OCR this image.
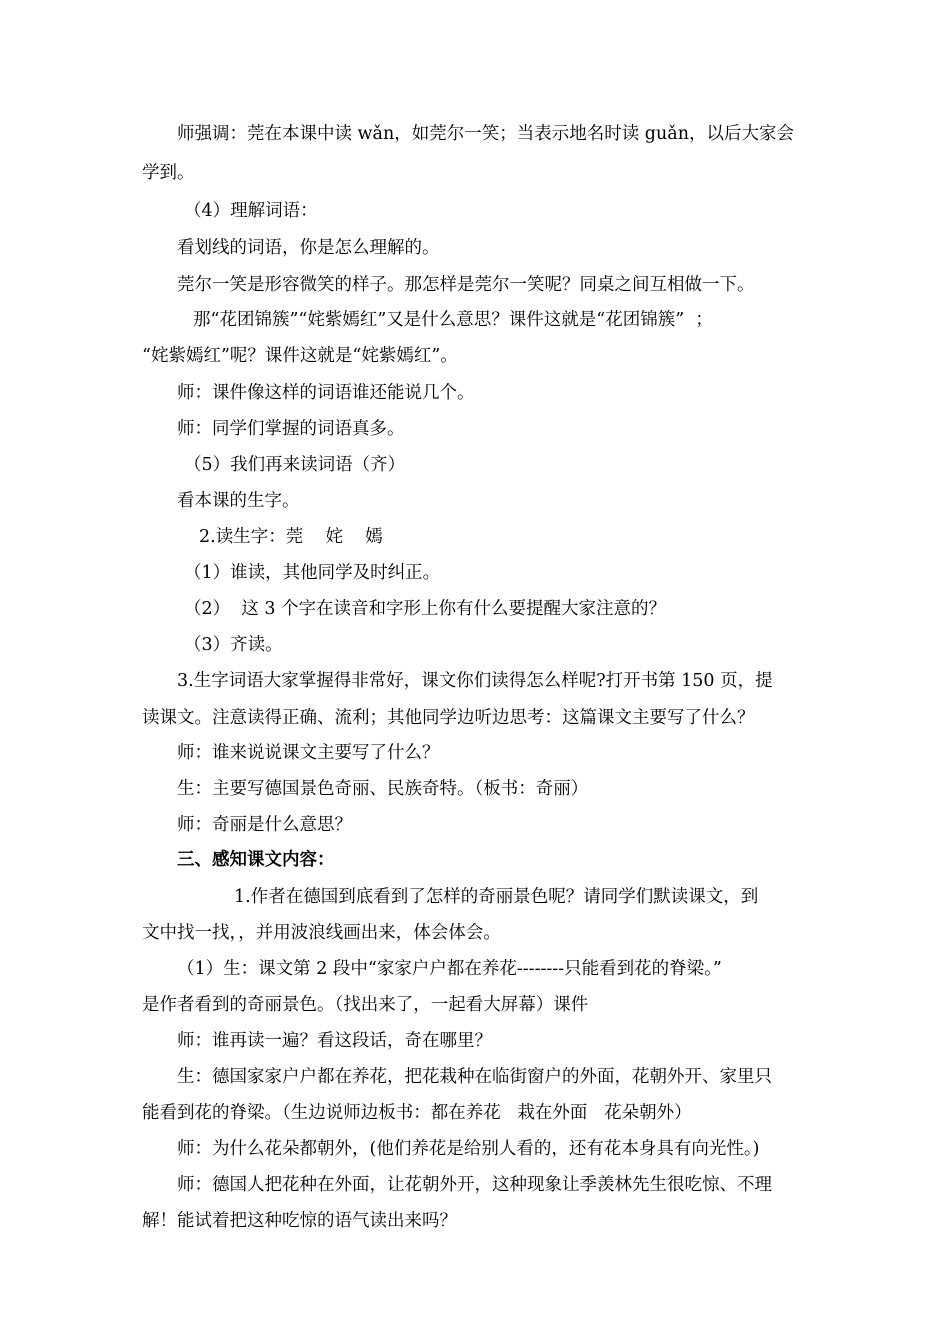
师强调：莞在本课中读 wǎn，如莞尔一笑；当表示地名时读 guǎn，以后大家会
学到。
（4）理解词语：
看划线的词语，你是怎么理解的。
莞尔一笑是形容微笑的样子。那怎样是莞尔一笑呢？同桌之间互相做一下。
那“花团锦簇”“姹紫嫣红”又是什么意思？课件这就是“花团锦簇”  ；
“姹紫嫣红”呢？课件这就是“姹紫嫣红”。
师：课件像这样的词语谁还能说几个。
师：同学们掌握的词语真多。
（5）我们再来读词语（齐）
看本课的生字。
2.读生字：莞    姹    嫣
（1）谁读，其他同学及时纠正。
（2）  这 3 个字在读音和字形上你有什么要提醒大家注意的？
（3）齐读。
3.生字词语大家掌握得非常好，课文你们读得怎么样呢?打开书第 150 页，提
读课文。注意读得正确、流利；其他同学边听边思考：这篇课文主要写了什么？
师：谁来说说课文主要写了什么？
生：主要写德国景色奇丽、民族奇特。（板书：奇丽）
师：奇丽是什么意思？
三、感知课文内容：
1.作者在德国到底看到了怎样的奇丽景色呢？请同学们默读课文，到
文中找一找，，并用波浪线画出来，体会体会。
（1）生：课文第 2 段中“家家户户都在养花--------只能看到花的脊梁。”
是作者看到的奇丽景色。（找出来了，一起看大屏幕）课件
师：谁再读一遍？看这段话，奇在哪里？
生：德国家家户户都在养花，把花栽种在临街窗户的外面，花朝外开、家里只
能看到花的脊梁。（生边说师边板书：都在养花   栽在外面   花朵朝外）
师：为什么花朵都朝外，(他们养花是给别人看的，还有花本身具有向光性。)
师：德国人把花种在外面，让花朝外开，这种现象让季羡林先生很吃惊、不理
解！能试着把这种吃惊的语气读出来吗？
